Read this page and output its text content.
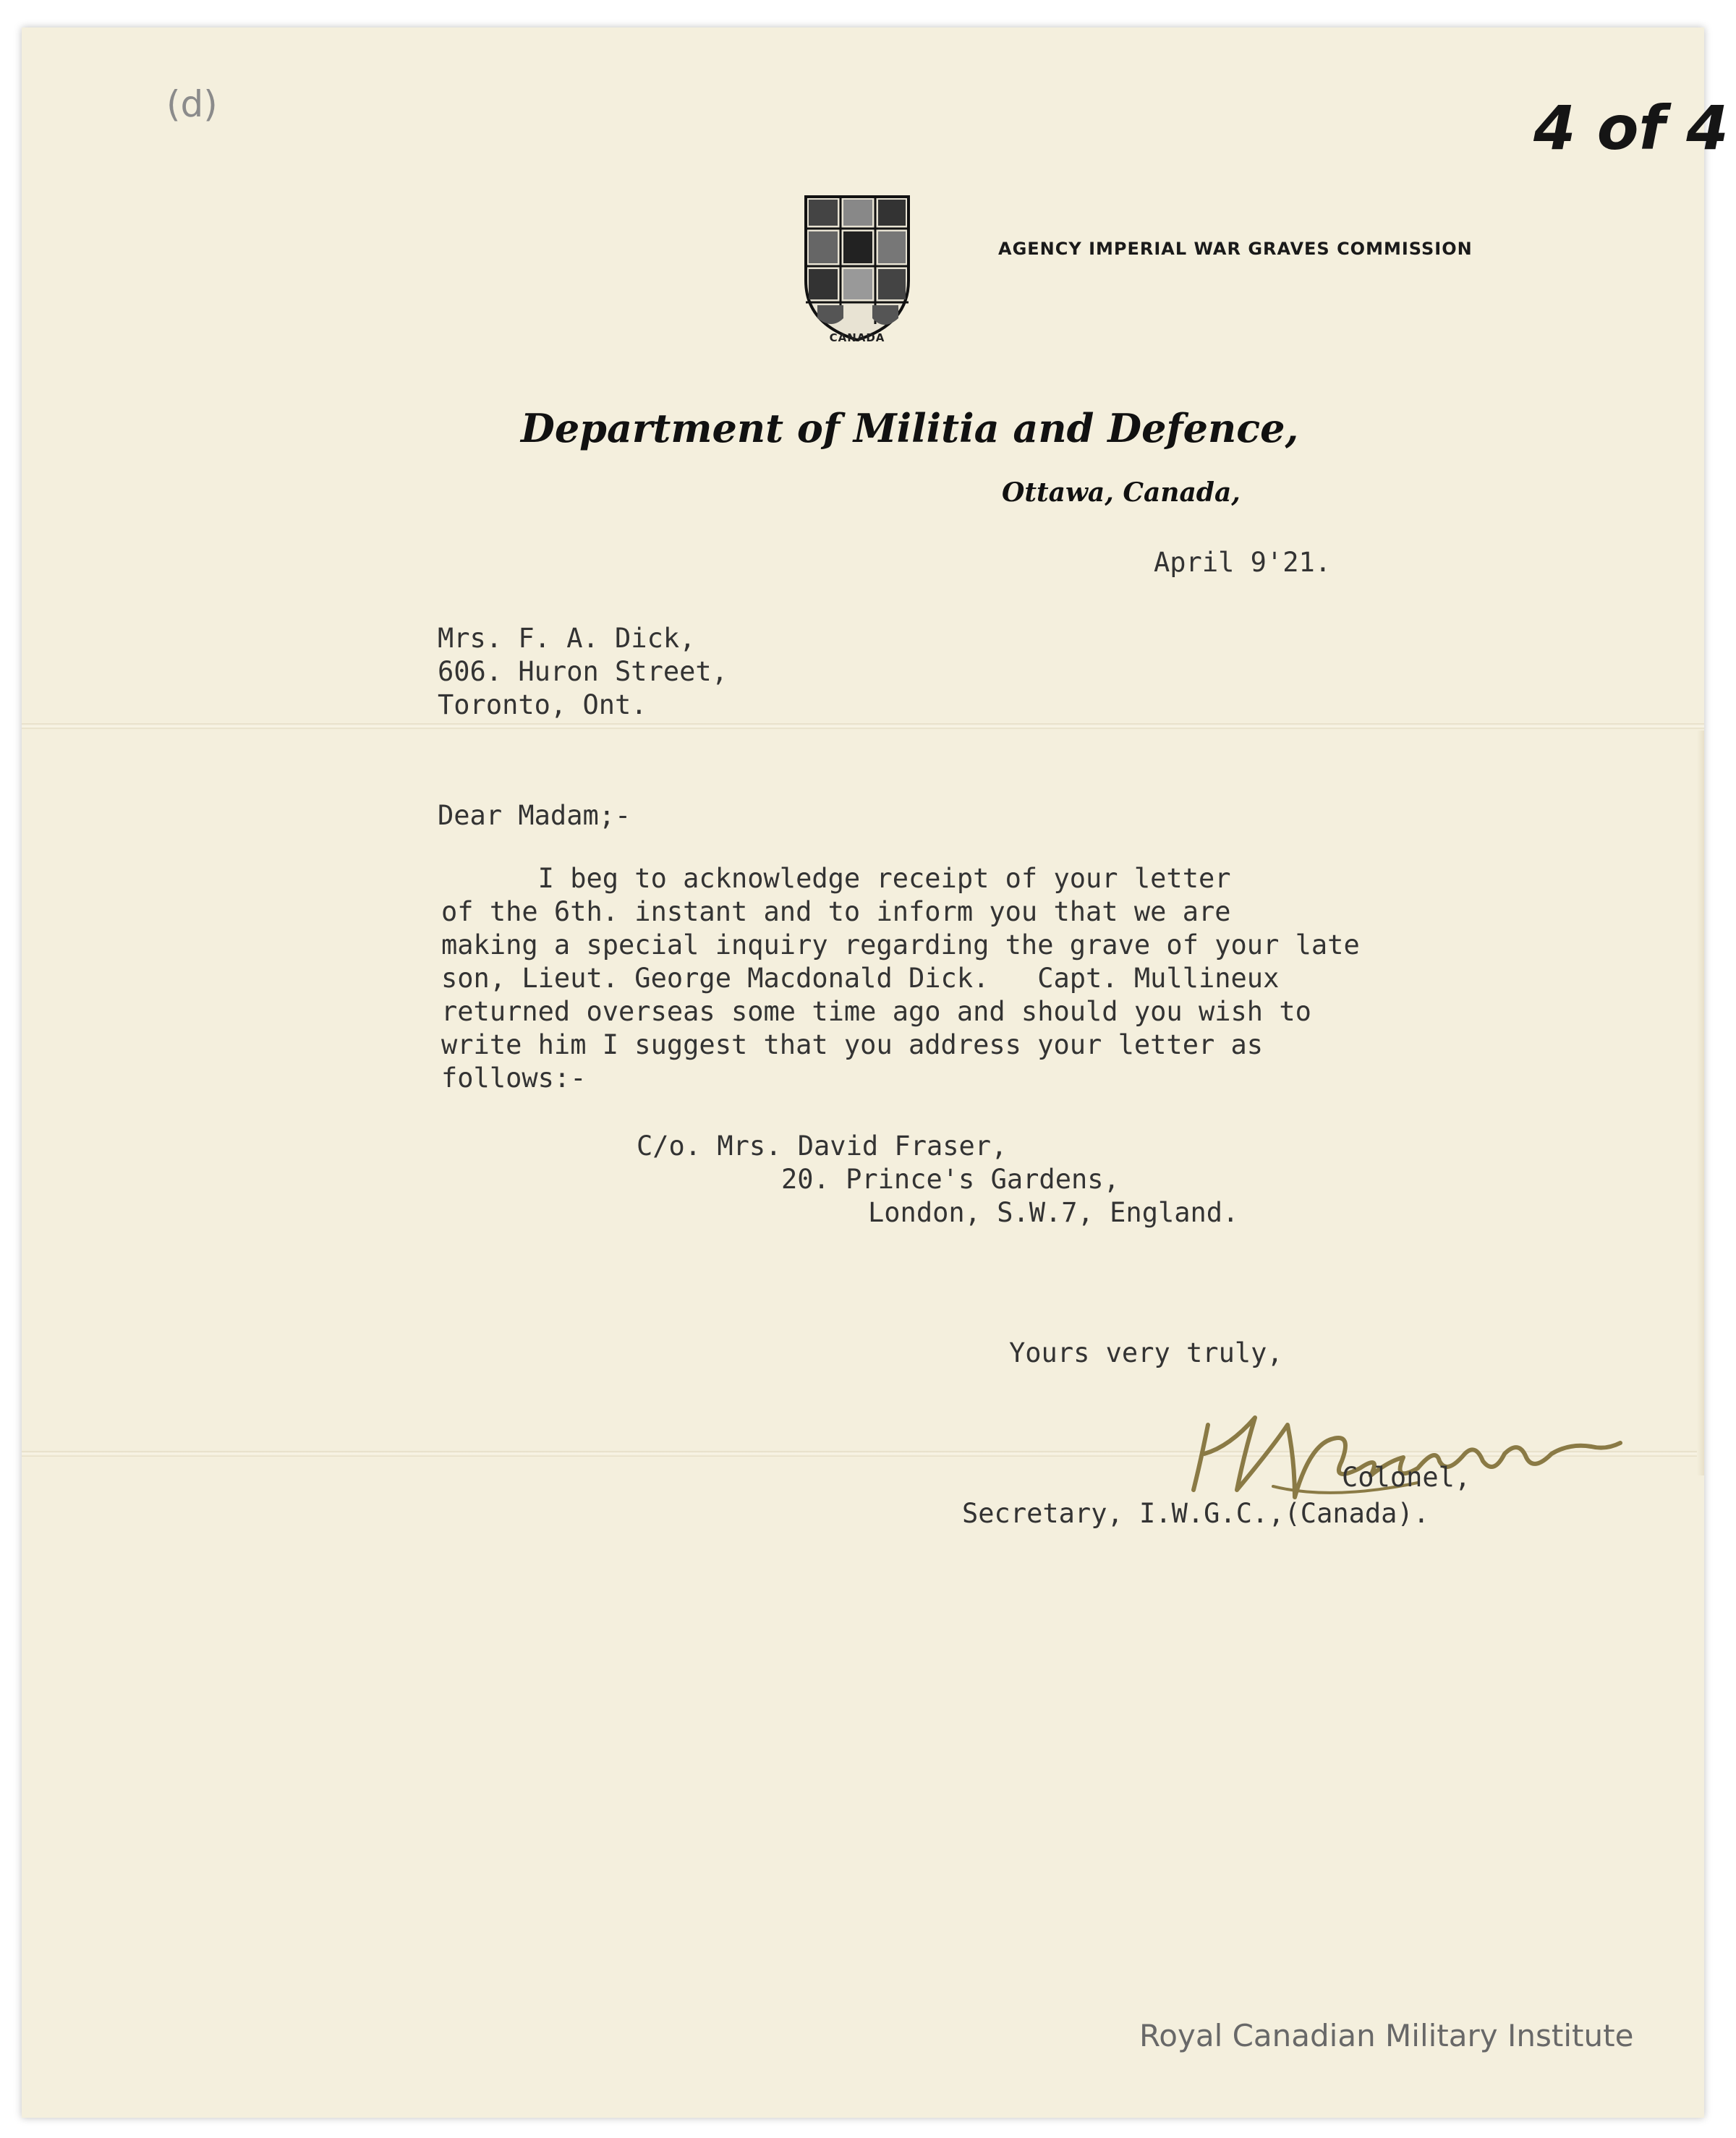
(d)	4 of 4
CANADA
AGENCY IMPERIAL WAR GRAVES COMMISSION
Department of Militia and Defence,
Ottawa, Canada,
April 9'21.
Mrs. F. A. Dick,
606. Huron Street,
Toronto, Ont.
Dear Madam;-
I beg to acknowledge receipt of your letter
of the 6th. instant and to inform you that we are
making a special inquiry regarding the grave of your late
son, Lieut. George Macdonald Dick.   Capt. Mullineux
returned overseas some time ago and should you wish to
write him I suggest that you address your letter as
follows:-
C/o. Mrs. David Fraser,
20. Prince's Gardens,
London, S.W.7, England.
Yours very truly,
Colonel,
Secretary, I.W.G.C.,(Canada).
Royal Canadian Military Institute
